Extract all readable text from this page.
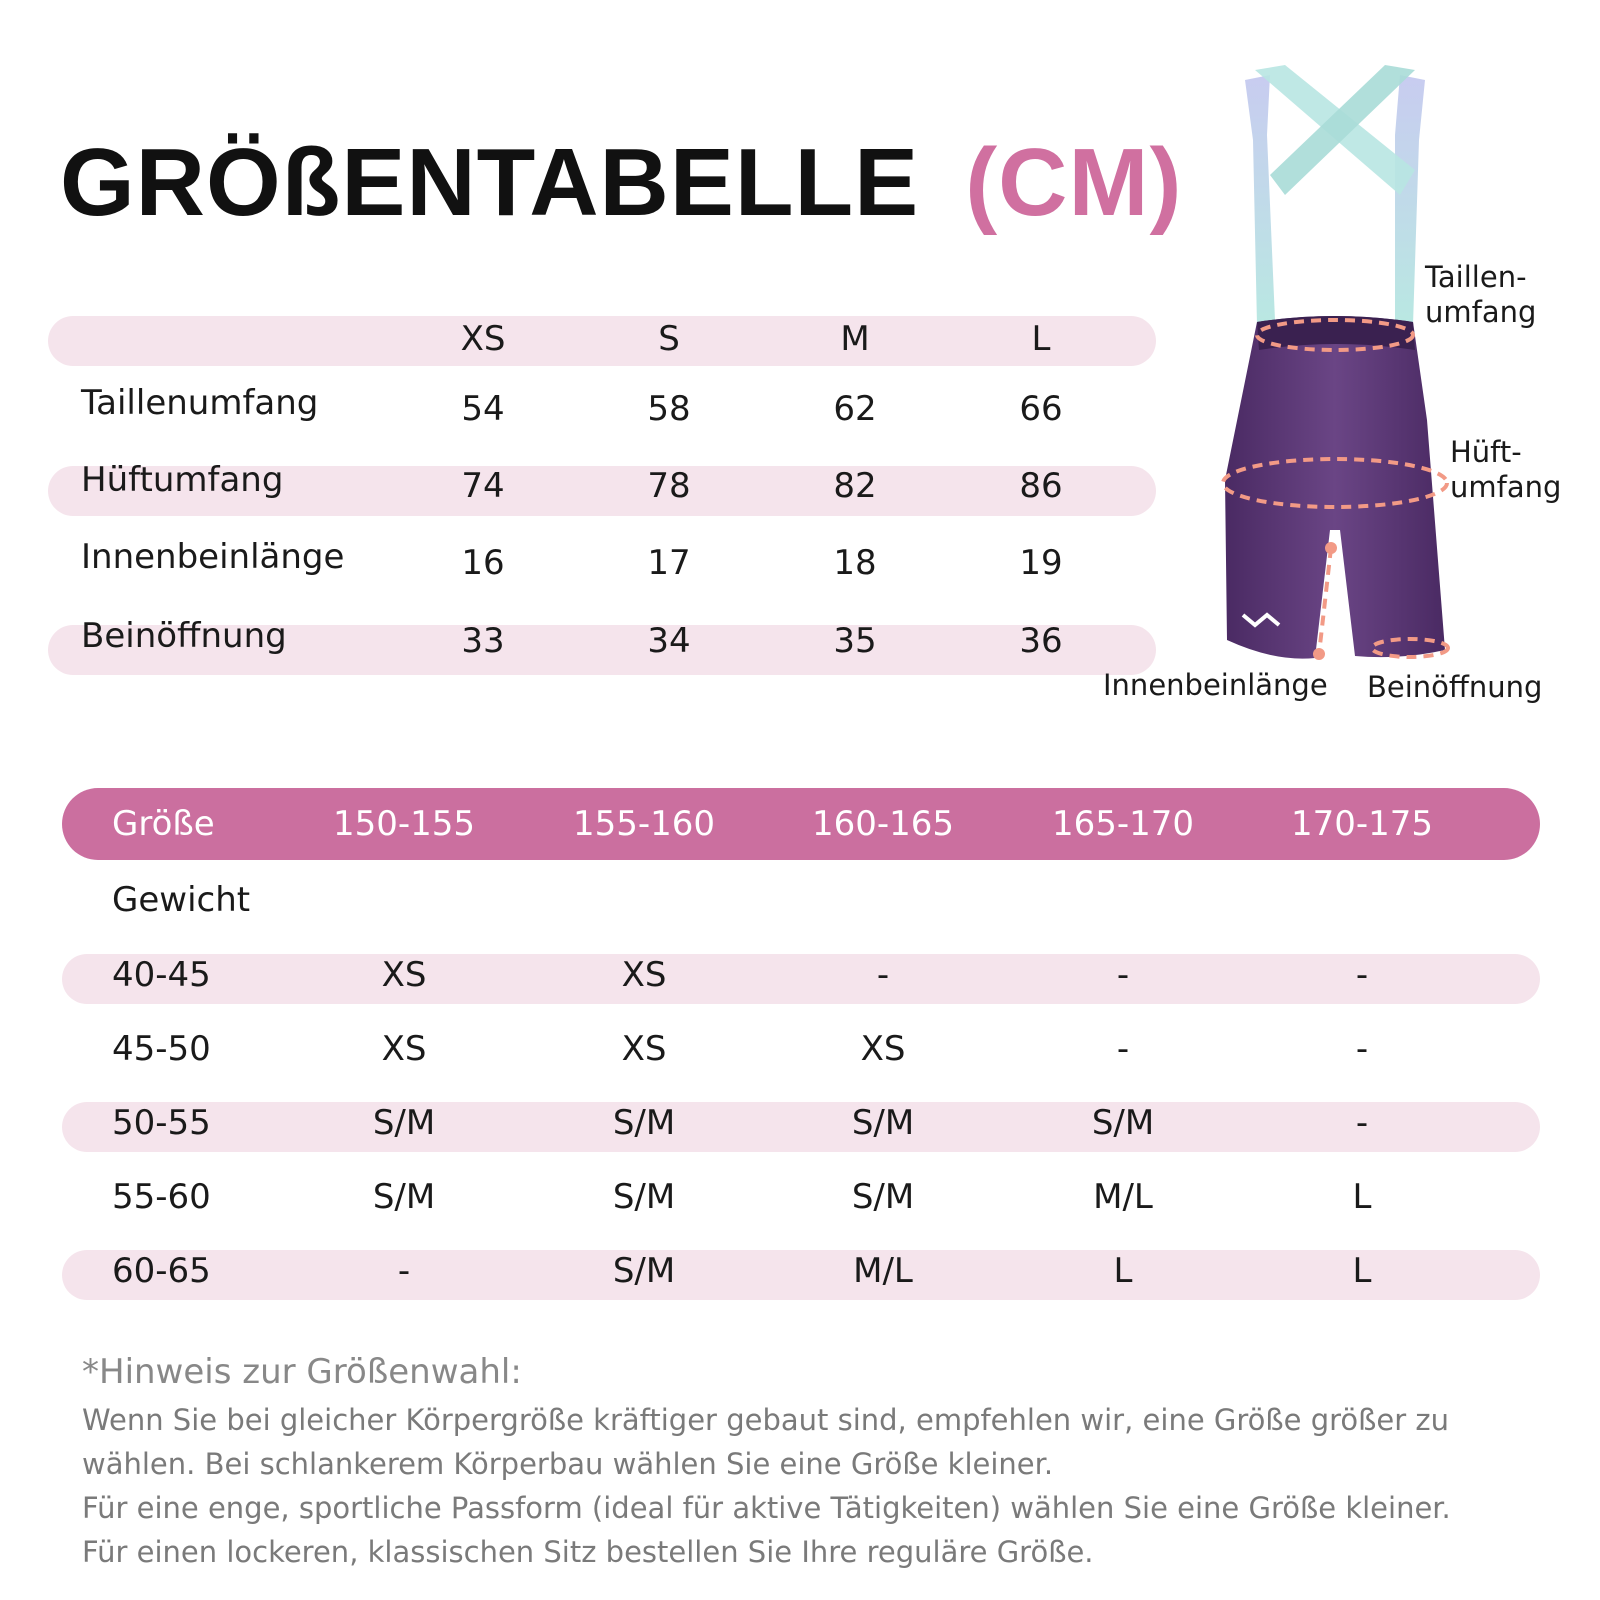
GRÖßENTABELLE (CM)
XS	S	M	L
Taillenumfang	54	58	62	66
Hüftumfang	74	78	82	86
Innenbeinlänge	16	17	18	19
Beinöffnung	33	34	35	36
Taillen-
umfang
Hüft-
umfang
Innenbeinlänge Beinöffnung
Größe	150-155	155-160	160-165	165-170	170-175
Gewicht
40-45	XS	XS	-	-	-
45-50	XS	XS	XS	-	-
50-55	S/M	S/M	S/M	S/M	-
55-60	S/M	S/M	S/M	M/L	L
60-65	-	S/M	M/L	L	L

*Hinweis zur Größenwahl:

Wenn Sie bei gleicher Körpergröße kräftiger gebaut sind, empfehlen wir, eine Größe größer zu

wählen. Bei schlankerem Körperbau wählen Sie eine Größe kleiner.

Für eine enge, sportliche Passform (ideal für aktive Tätigkeiten) wählen Sie eine Größe kleiner.

Für einen lockeren, klassischen Sitz bestellen Sie Ihre reguläre Größe.
